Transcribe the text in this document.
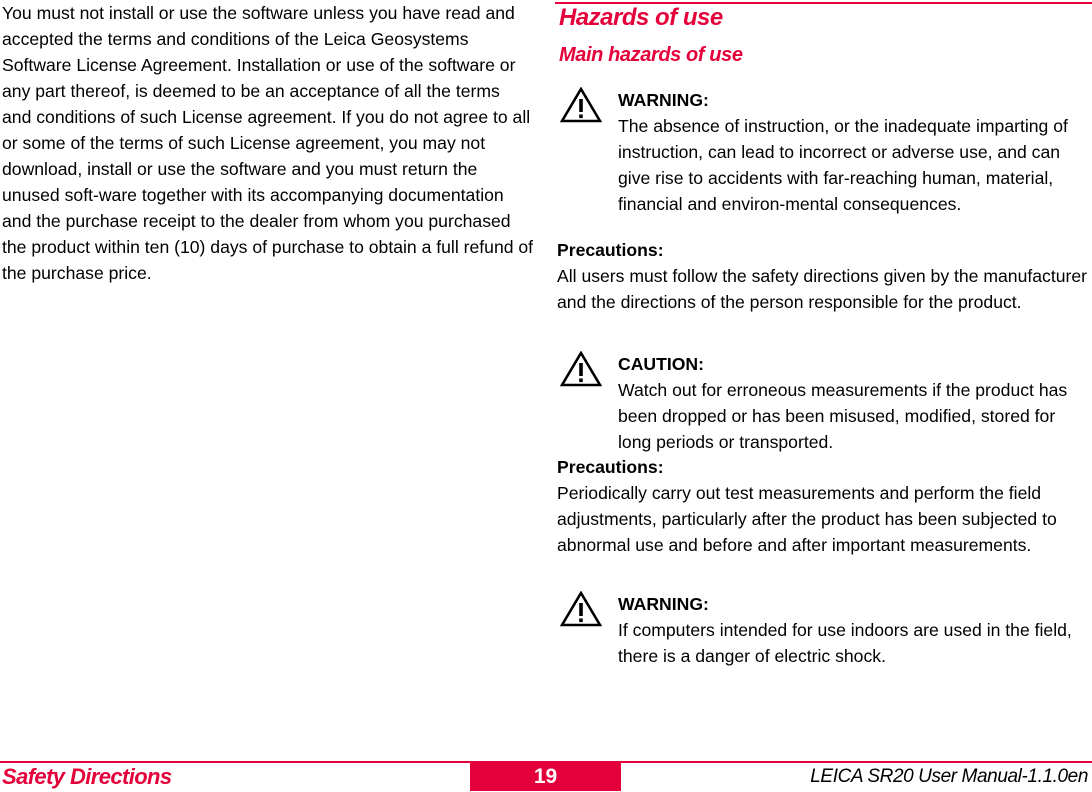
You must not install or use the software unless you have read and accepted the terms and conditions of the Leica Geosystems Software License Agreement. Installation or use of the software or any part thereof, is deemed to be an acceptance of all the terms and conditions of such License agreement. If you do not agree to all or some of the terms of such License agreement, you may not download, install or use the software and you must return the unused soft-ware together with its accompanying documentation and the purchase receipt to the dealer from whom you purchased the product within ten (10) days of purchase to obtain a full refund of the purchase price.
Hazards of use
Main hazards of use
WARNING:
The absence of instruction, or the inadequate imparting of instruction, can lead to incorrect or adverse use, and can give rise to accidents with far-reaching human, material, financial and environ-mental consequences.
Precautions:
All users must follow the safety directions given by the manufacturer and the directions of the person responsible for the product.
CAUTION:
Watch out for erroneous measurements if the product has been dropped or has been misused, modified, stored for long periods or transported.
Precautions:
Periodically carry out test measurements and perform the field adjustments, particularly after the product has been subjected to abnormal use and before and after important measurements.
WARNING:
If computers intended for use indoors are used in the field, there is a danger of electric shock.
Safety Directions	19	LEICA SR20 User Manual-1.1.0en
